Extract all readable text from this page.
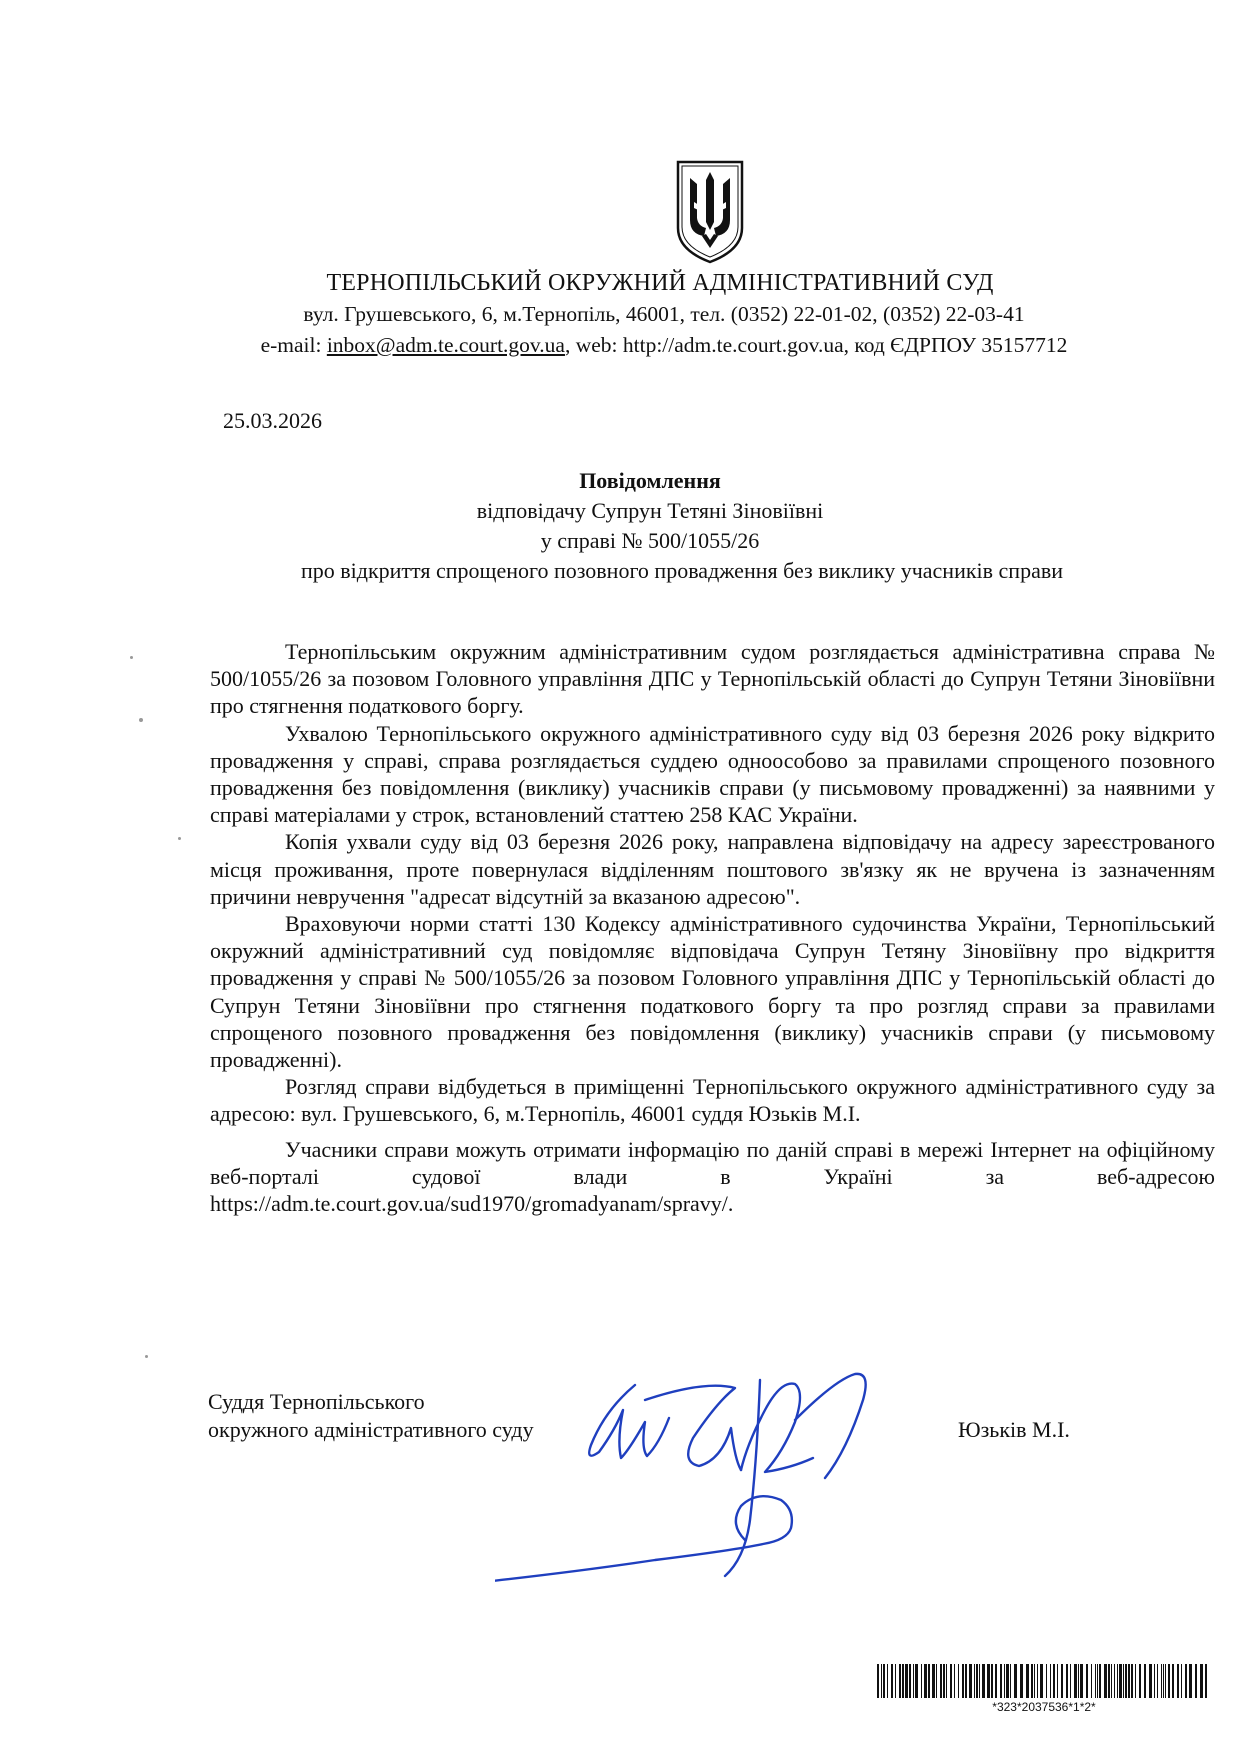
ТЕРНОПІЛЬСЬКИЙ ОКРУЖНИЙ АДМІНІСТРАТИВНИЙ СУД
вул. Грушевського, 6, м.Тернопіль, 46001, тел. (0352) 22-01-02, (0352) 22-03-41
e-mail: inbox@adm.te.court.gov.ua, web: http://adm.te.court.gov.ua, код ЄДРПОУ 35157712
25.03.2026
Повідомлення
відповідачу Супрун Тетяні Зіновіївні
у справі № 500/1055/26
про відкриття спрощеного позовного провадження без виклику учасників справи

Тернопільським окружним адміністративним судом розглядається адміністративна справа № 500/1055/26 за позовом Головного управління ДПС у Тернопільській області до Супрун Тетяни Зіновіївни про стягнення податкового боргу.

Ухвалою Тернопільського окружного адміністративного суду від 03 березня 2026 року відкрито провадження у справі, справа розглядається суддею одноособово за правилами спрощеного позовного провадження без повідомлення (виклику) учасників справи (у письмовому провадженні) за наявними у справі матеріалами у строк, встановлений статтею 258 КАС України.

Копія ухвали суду від 03 березня 2026 року, направлена відповідачу на адресу зареєстрованого місця проживання, проте повернулася відділенням поштового зв'язку як не вручена із зазначенням причини невручення "адресат відсутній за вказаною адресою".

Враховуючи норми статті 130 Кодексу адміністративного судочинства України, Тернопільський окружний адміністративний суд повідомляє відповідача Супрун Тетяну Зіновіївну про відкриття провадження у справі № 500/1055/26 за позовом Головного управління ДПС у Тернопільській області до Супрун Тетяни Зіновіївни про стягнення податкового боргу та про розгляд справи за правилами спрощеного позовного провадження без повідомлення (виклику) учасників справи (у письмовому провадженні).

Розгляд справи відбудеться в приміщенні Тернопільського окружного адміністративного суду за адресою: вул. Грушевського, 6, м.Тернопіль, 46001 суддя Юзьків М.І.

Учасники справи можуть отримати інформацію по даній справі в мережі Інтернет на офіційному веб-порталі судової влади в Україні за веб-адресою https://adm.te.court.gov.ua/sud1970/gromadyanam/spravy/.

Суддя Тернопільського
окружного адміністративного суду	Юзьків М.І.
*323*2037536*1*2*
